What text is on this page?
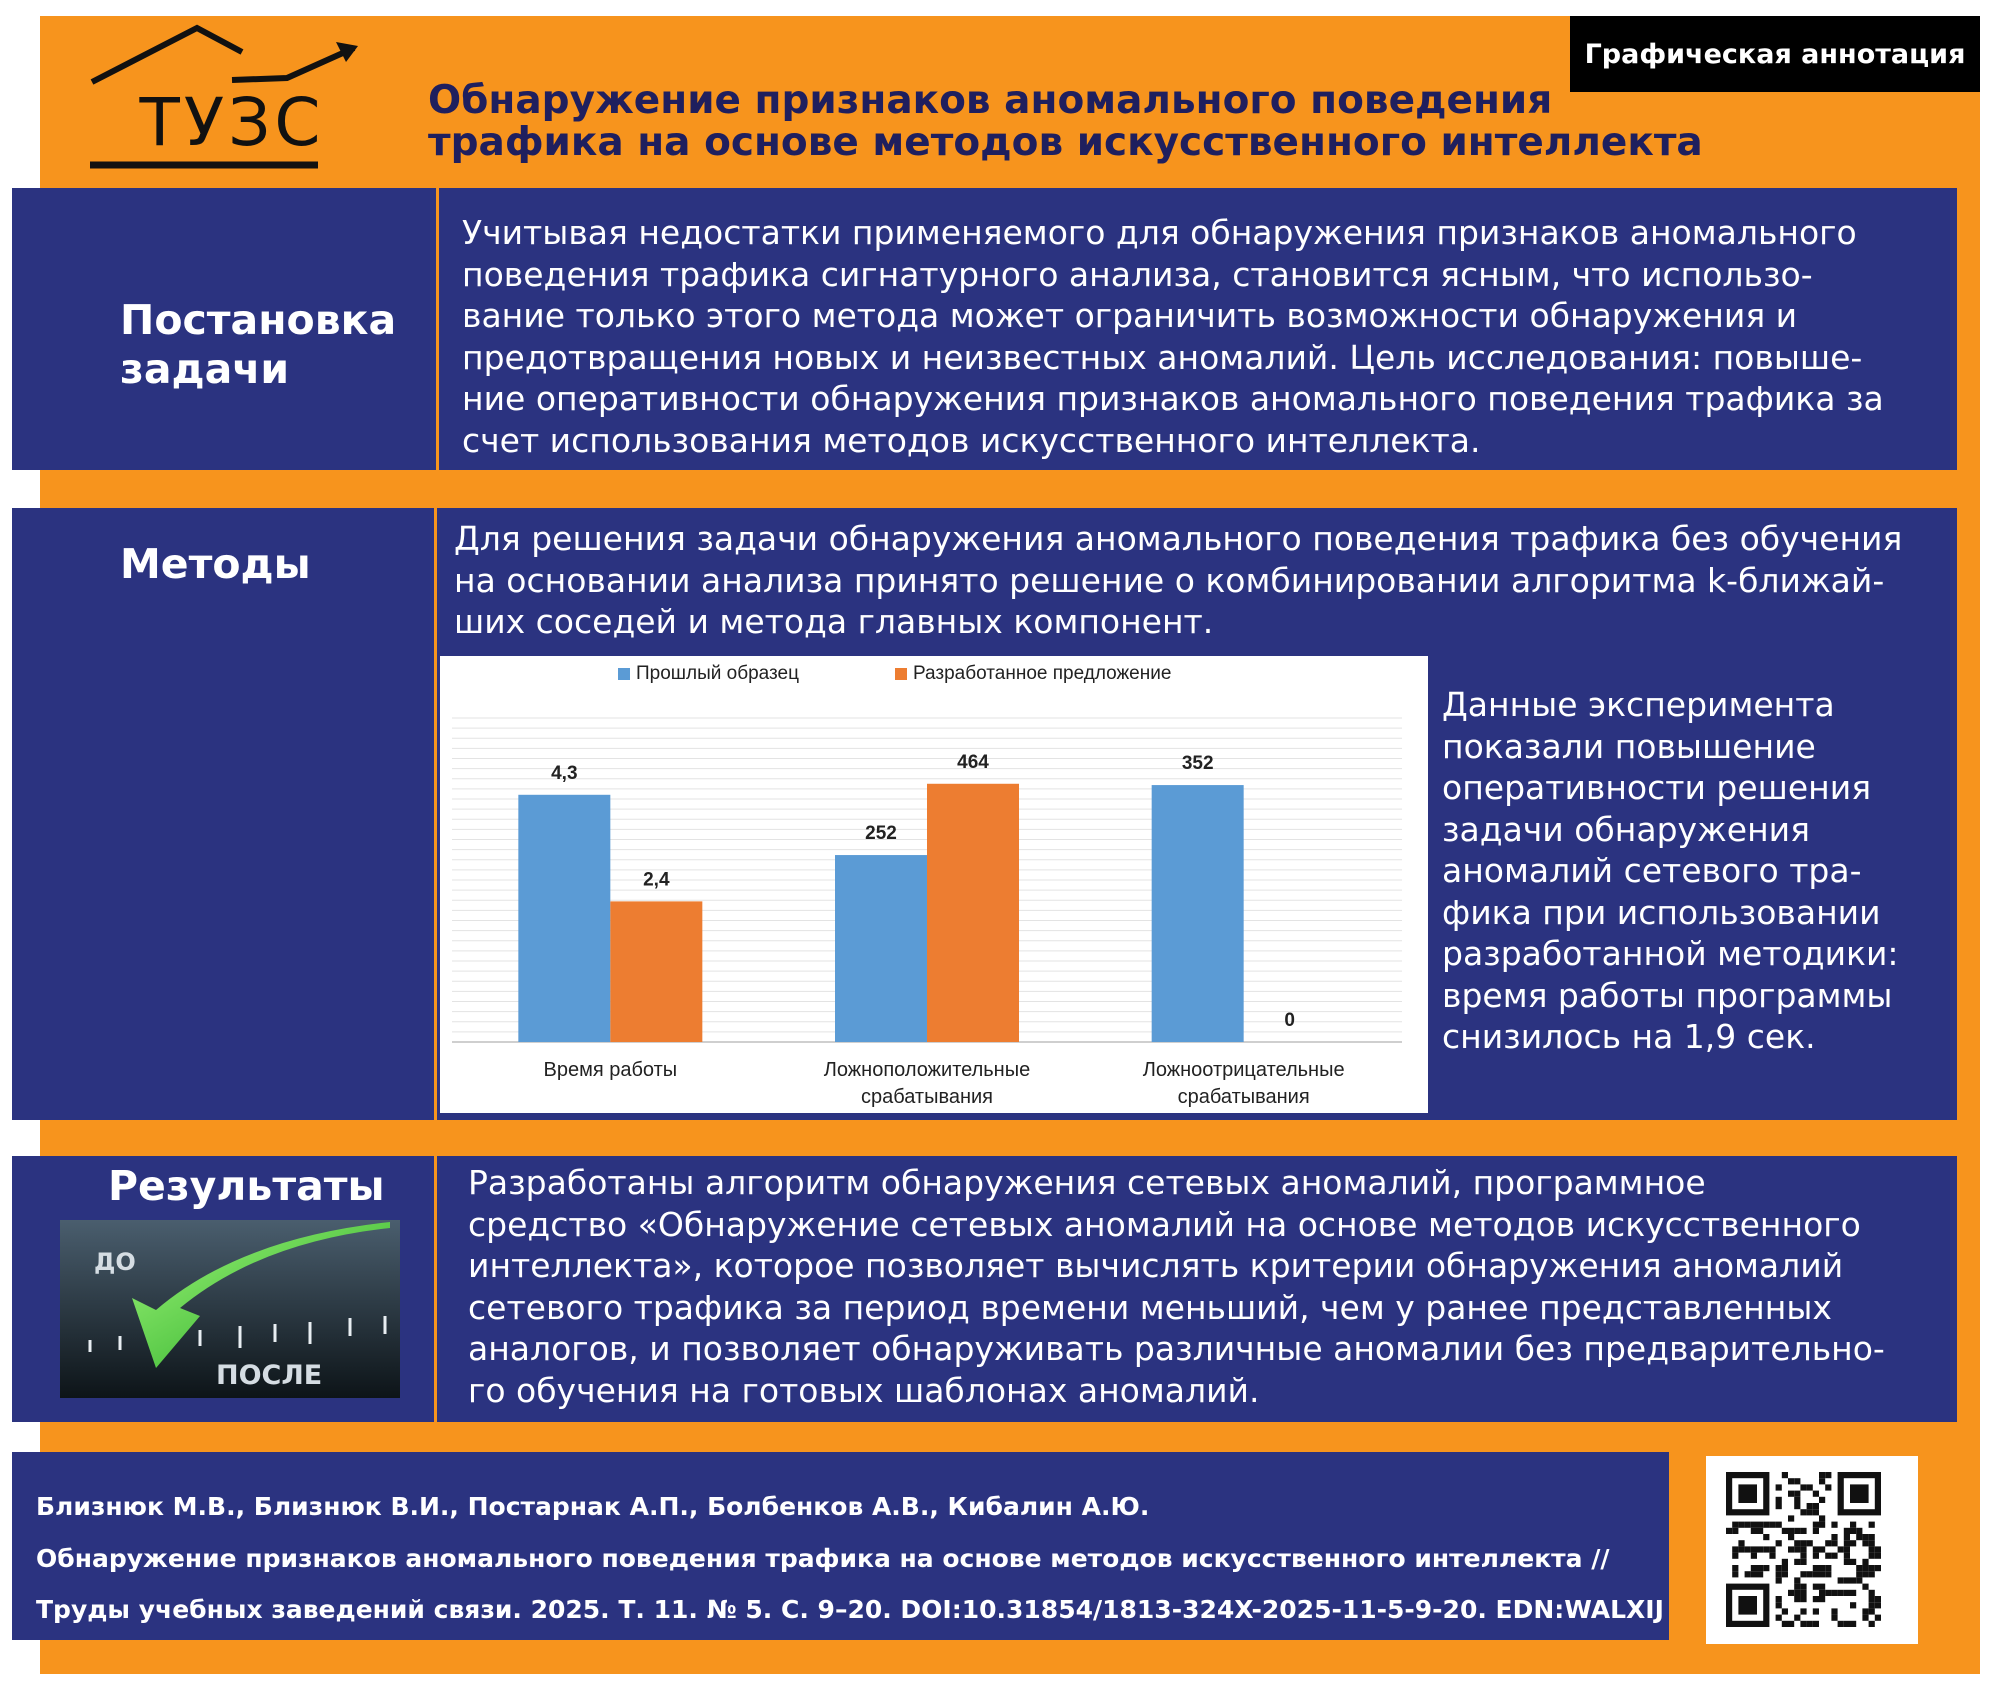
Графическая аннотация
ТУЗС	Обнаружение признаков аномального поведения
трафика на основе методов искусственного интеллекта
Постановка
задачи
Учитывая недостатки применяемого для обнаружения признаков аномального
поведения трафика сигнатурного анализа, становится ясным, что использо-
вание только этого метода может ограничить возможности обнаружения и
предотвращения новых и неизвестных аномалий. Цель исследования: повыше-
ние оперативности обнаружения признаков аномального поведения трафика за
счет использования методов искусственного интеллекта.
Методы
Для решения задачи обнаружения аномального поведения трафика без обучения
на основании анализа принято решение о комбинировании алгоритма k-ближай-
ших соседей и метода главных компонент.
Данные эксперимента
показали повышение
оперативности решения
задачи обнаружения
аномалий сетевого тра-
фика при использовании
разработанной методики:
время работы программы
снизилось на 1,9 сек.
Прошлый образец	Разработанное предложение
4,3
2,4
Время работы
252
464
Ложноположительные
срабатывания
352
0
Ложноотрицательные
срабатывания
Результаты
ДО
ПОСЛЕ
Разработаны алгоритм обнаружения сетевых аномалий, программное
средство «Обнаружение сетевых аномалий на основе методов искусственного
интеллекта», которое позволяет вычислять критерии обнаружения аномалий
сетевого трафика за период времени меньший, чем у ранее представленных
аналогов, и позволяет обнаруживать различные аномалии без предварительно-
го обучения на готовых шаблонах аномалий.
Близнюк М.В., Близнюк В.И., Постарнак А.П., Болбенков А.В., Кибалин А.Ю.
Обнаружение признаков аномального поведения трафика на основе методов искусственного интеллекта //
Труды учебных заведений связи. 2025. Т. 11. № 5. С. 9–20. DOI:10.31854/1813-324X-2025-11-5-9-20. EDN:WALXIJ
